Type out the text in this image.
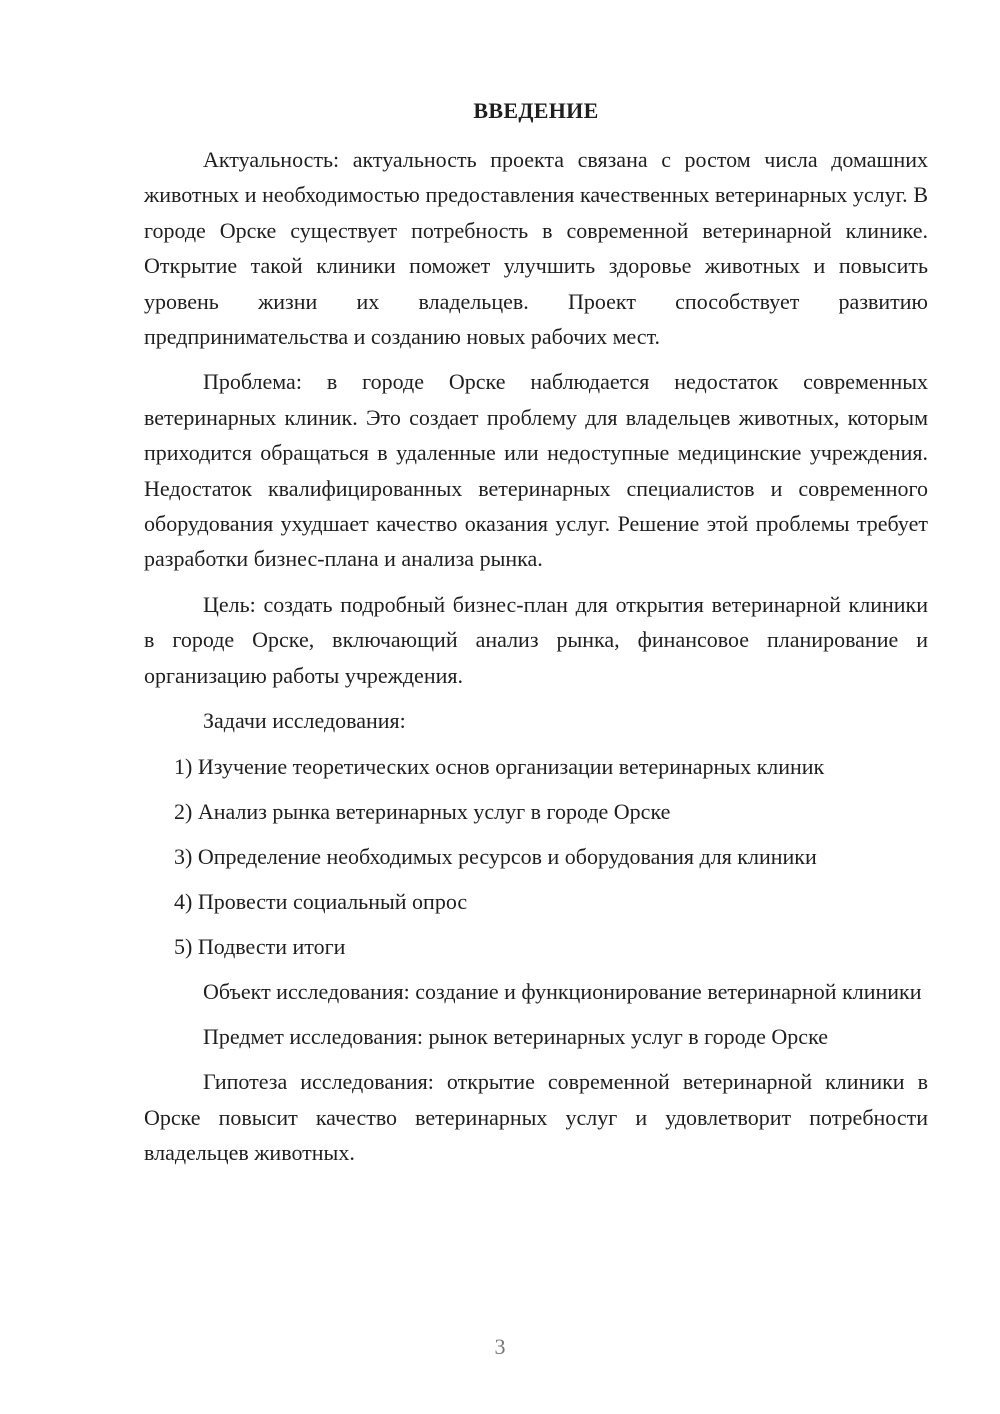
ВВЕДЕНИЕ

Актуальность: актуальность проекта связана с ростом числа домашних животных и необходимостью предоставления качественных ветеринарных услуг. В городе Орске существует потребность в современной ветеринарной клинике. Открытие такой клиники поможет улучшить здоровье животных и повысить уровень жизни их владельцев. Проект способствует развитию предпринимательства и созданию новых рабочих мест.

Проблема: в городе Орске наблюдается недостаток современных ветеринарных клиник. Это создает проблему для владельцев животных, которым приходится обращаться в удаленные или недоступные медицинские учреждения. Недостаток квалифицированных ветеринарных специалистов и современного оборудования ухудшает качество оказания услуг. Решение этой проблемы требует разработки бизнес-плана и анализа рынка.

Цель: создать подробный бизнес-план для открытия ветеринарной клиники в городе Орске, включающий анализ рынка, финансовое планирование и организацию работы учреждения.

Задачи исследования:

1) Изучение теоретических основ организации ветеринарных клиник
2) Анализ рынка ветеринарных услуг в городе Орске
3) Определение необходимых ресурсов и оборудования для клиники
4) Провести социальный опрос
5) Подвести итоги

Объект исследования: создание и функционирование ветеринарной клиники

Предмет исследования: рынок ветеринарных услуг в городе Орске

Гипотеза исследования: открытие современной ветеринарной клиники в Орске повысит качество ветеринарных услуг и удовлетворит потребности владельцев животных.

3
